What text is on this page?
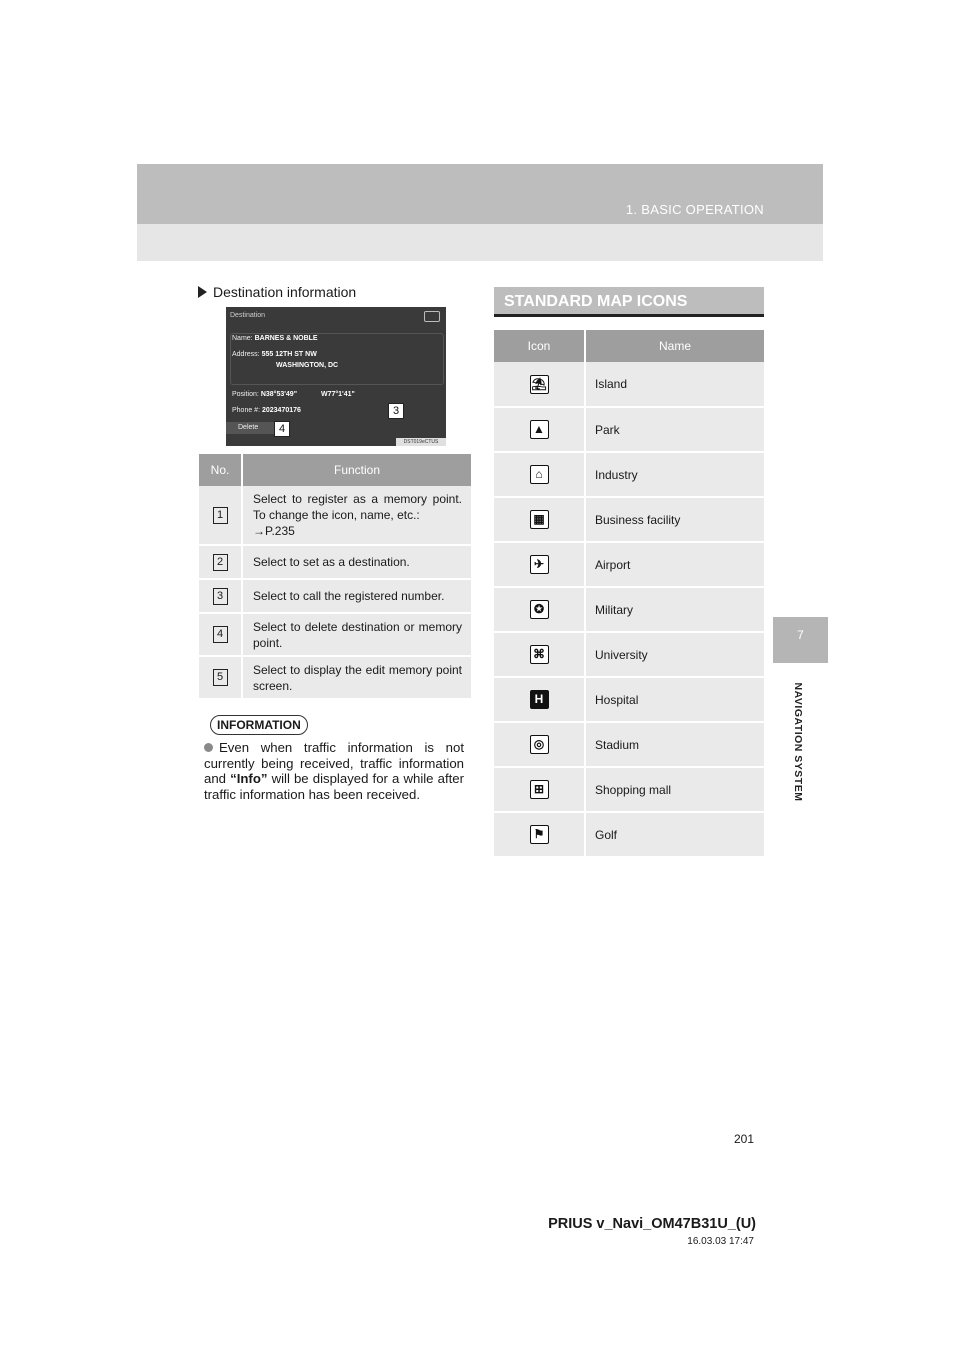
1. BASIC OPERATION
7
NAVIGATION SYSTEM
Destination information
Destination
Name: BARNES & NOBLE
Address: 555 12TH ST NW
WASHINGTON, DC
Position: N38°53'49"	W77°1'41"
Phone #: 2023470176
Delete
DST019eCTUS
3
4
No.	Function
1	Select to register as a memory point. To change the icon, name, etc.:
→P.235
2	Select to set as a destination.
3	Select to call the registered number.
4	Select to delete destination or memory point.
5	Select to display the edit memory point screen.
INFORMATION
Even when traffic information is not currently being received, traffic information and “Info” will be displayed for a while after traffic information has been received.
STANDARD MAP ICONS
Icon	Name

⛱	Island

▲	Park

⌂	Industry

▦	Business facility

✈	Airport

✪	Military

⌘	University

H	Hospital

◎	Stadium

⊞	Shopping mall

⚑	Golf
201
PRIUS v_Navi_OM47B31U_(U)
16.03.03 17:47
